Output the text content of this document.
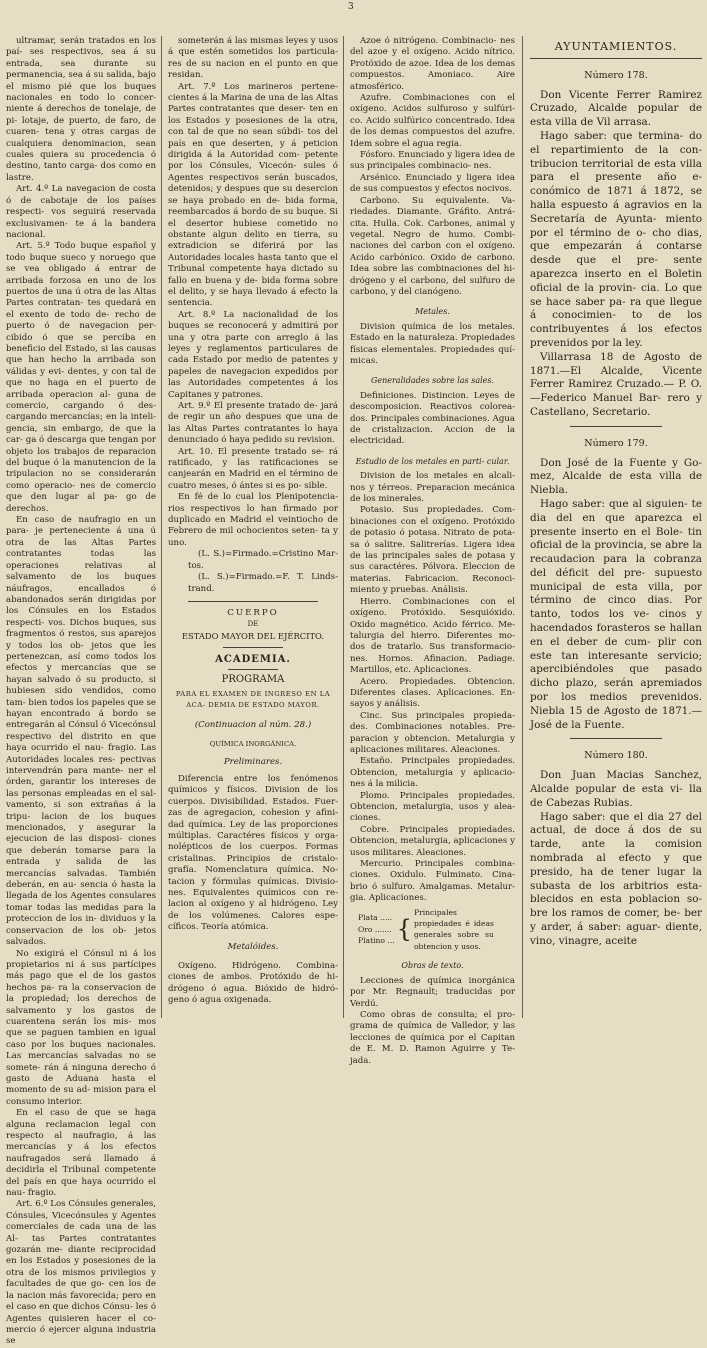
3

ultramar, serán tratados en los paí- ses respectivos, sea á su entrada, sea durante su permanencia, sea á su salida, bajo el mismo pié que los buques nacionales en todo lo concer- niente á derechos de tonelaje, de pi- lotaje, de puerto, de faro, de cuaren- tena y otras cargas de cualquiera denominacion, sean cuales quiera su procedencia ó destino, tanto carga- dos como en lastre.

Art. 4.º La navegacion de costa ó de cabotaje de los países respecti- vos seguirá reservada exclusivamen- te á la bandera nacional.

Art. 5.º Todo buque español y todo buque sueco y noruego que se vea obligado á entrar de arribada forzosa en uno de los puertos de una ú otra de las Altas Partes contratan- tes quedará en el exento de todo de- recho de puerto ó de navegacion per- cibido ó que se perciba en beneficio del Estado, si las causas que han hecho la arribada son válidas y evi- dentes, y con tal de que no haga en el puerto de arribada operacion al- guna de comercio, cargando ó des- cargando mercancías; en la inteli- gencia, sin embargo, de que la car- ga ó descarga que tengan por objeto los trabajos de reparacion del buque ó la manutencion de la tripulacion no se considerarán como operacio- nes de comercio que den lugar al pa- go de derechos.

En caso de naufragio en un para- je perteneciente á una ú otra de las Altas Partes contratantes todas las operaciones relativas al salvamento de los buques náufragos, encallados ó abandonados serán dirigidas por los Cónsules en los Estados respecti- vos. Dichos buques, sus fragmentos ó restos, sus aparejos y todos los ob- jetos que les pertenezcan, así como todos los efectos y mercancías que se hayan salvado ó su producto, si hubiesen sido vendidos, como tam- bien todos los papeles que se hayan encontrado á bordo se entregarán al Cónsul ó Vicecónsul respectivo del distrito en que haya ocurrido el nau- fragio. Las Autoridades locales res- pectivas intervendrán para mante- ner el órden, garantir los intereses de las personas empleadas en el sal- vamento, si son extrañas á la tripu- lacion de los buques mencionados, y asegurar la ejecucion de las disposi- ciones que deberán tomarse para la entrada y salida de las mercancías salvadas. También deberán, en au- sencia ó hasta la llegada de los Agentes consulares tomar todas las medidas para la proteccion de los in- dividuos y la conservacion de los ob- jetos salvados.

No exigirá el Cónsul ni á los propietarios ni á sus partícipes más pago que el de los gastos hechos pa- ra la conservacion de la propiedad; los derechos de salvamento y los gastos de cuarentena serán los mis- mos que se paguen tambien en igual caso por los buques nacionales. Las mercancías salvadas no se somete- rán á ninguna derecho ó gasto de Aduana hasta el momento de su ad- mision para el consumo interior.

En el caso de que se haga alguna reclamacion legal con respecto al naufragio, á las mercancías y á los efectos naufragados será llamado á decidirla el Tribunal competente del país en que haya ocurrido el nau- fragio.

Art. 6.º Los Cónsules generales, Cónsules, Vicecónsules y Agentes comerciales de cada una de las Al- tas Partes contratantes gozarán me- diante reciprocidad en los Estados y posesiones de la otra de los mismos privilegios y facultades de que go- cen los de la nacion más favorecida; pero en el caso en que dichos Cónsu- les ó Agentes quisieren hacer el co- mercio ó ejercer alguna industria se

someterán á las mismas leyes y usos á que estén sometidos los particula- res de su nacion en el punto en que residan.

Art. 7.º Los marineros pertene- cientes á la Marina de una de las Altas Partes contratantes que deser- ten en los Estados y posesiones de la otra, con tal de que no sean súbdi- tos del país en que deserten, y á peticion dirigida á la Autoridad com- petente por los Cónsules, Vicecón- sules ó Agentes respectivos serán buscados, detenidos; y despues que su desercion se haya probado en de- bida forma, reembarcados á bordo de su buque. Si el desertor hubiese cometido no obstante algun delito en tierra, su extradicion se diferirá por las Autoridades locales hasta tanto que el Tribunal competente haya dictado su fallo en buena y de- bida forma sobre el delito, y se haya llevado á efecto la sentencia.

Art. 8.º La nacionalidad de los buques se reconocerá y admitirá por una y otra parte con arreglo á las leyes y reglamentos particulares de cada Estado por medio de patentes y papeles de navegacion expedidos por las Autoridades competentes á los Capitanes y patrones.

Art. 9.º El presente tratado de- jará de regir un año despues que una de las Altas Partes contratantes lo haya denunciado ó haya pedido su revision.

Art. 10. El presente tratado se- rá ratificado, y las ratificaciones se canjearán en Madrid en el término de cuatro meses, ó ántes si es po- sible.

En fé de lo cual los Plenipotencia- rios respectivos lo han firmado por duplicado en Madrid el veintiocho de Febrero de mil ochocientos seten- ta y uno.

(L. S.)=Firmado.=Cristino Mar- tos.

(L. S.)=Firmado.=F. T. Linds- trand.

CUERPO

DE

ESTADO MAYOR DEL EJÉRCITO.

ACADEMIA.

PROGRAMA

PARA EL EXAMEN DE INGRESO EN LA ACA- DEMIA DE ESTADO MAYOR.

(Continuacion al núm. 28.)

QUÍMICA INORGÁNICA.

Preliminares.

Diferencia entre los fenómenos químicos y físicos. Division de los cuerpos. Divisibilidad. Estados. Fuer- zas de agregacion, cohesion y afini- dad química. Ley de las proporciones múltiplas. Caractéres físicos y orga- nolépticos de los cuerpos. Formas cristalinas. Principios de cristalo- grafía. Nomenclatura química. No- tacion y fórmulas químicas. Divisio- nes. Equivalentes químicos con re- lacion al oxígeno y al hidrógeno. Ley de los volúmenes. Calores espe- cíficos. Teoría atómica.

Metalóides.

Oxígeno. Hidrógeno. Combina- ciones de ambos. Protóxido de hi- drógeno ó agua. Bióxido de hidró- geno ó agua oxigenada.

Azoe ó nitrógeno. Combinacio- nes del azoe y el oxígeno. Acido nítrico. Protóxido de azoe. Idea de los demas compuestos. Amoniaco. Aire atmosférico.

Azufre. Combinaciones con el oxígeno. Acidos sulfuroso y sulfúri- co. Acido sulfúrico concentrado. Idea de los demas compuestos del azufre. Idem sobre el agua regia.

Fósforo. Enunciado y ligera idea de sus principales combinacio- nes.

Arsénico. Enunciado y ligera idea de sus compuestos y efectos nocivos.

Carbono. Su equivalente. Va- riedades. Diamante. Gráfito. Antrá- cita. Hulla. Cok. Carbones, animal y vegetal. Negro de humo. Combi- naciones del carbon con el oxígeno. Acido carbónico. Oxido de carbono. Idea sobre las combinaciones del hi- drógeno y el carbono, del sulfuro de carbono, y del cianógeno.

Metales.

Division química de los metales. Estado en la naturaleza. Propiedades físicas elementales. Propiedades quí- micas.

Generalidades sobre las sales.

Definiciones. Distincion. Leyes de descomposicion. Reactivos colorea- dos. Principales combinaciones. Agua de cristalizacion. Accion de la electricidad.

Estudio de los metales en parti- cular.

Division de los metales en alcali- nos y térreos. Preparacion mecánica de los minerales.

Potasio. Sus propiedades. Com- binaciones con el oxígeno. Protóxido de potasio ó potasa. Nitrato de pota- sa ó salitre. Salitrerías. Ligera idea de las principales sales de potasa y sus caractéres. Pólvora. Eleccion de materias. Fabricacion. Reconoci- miento y pruebas. Análisis.

Hierro. Combinaciones con el oxígeno. Protóxido. Sesquióxido. Oxido magnético. Acido férrico. Me- talurgia del hierro. Diferentes mo- dos de tratarlo. Sus transformacio- nes. Hornos. Afinacion. Padiage. Martillos, etc. Aplicaciones.

Acero. Propiedades. Obtencion. Diferentes clases. Aplicaciones. En- sayos y análisis.

Cinc. Sus principales propieda- des. Combinaciones notables. Pre- paracion y obtencion. Metalurgia y aplicaciones militares. Aleaciones.

Estaño. Principales propiedades. Obtencion, metalurgia y aplicacio- nes á la milicia.

Plomo. Principales propiedades. Obtencion, metalurgia, usos y alea- ciones.

Cobre. Principales propiedades. Obtencion, metalurgia, aplicaciones y usos militares. Aleaciones.

Mercurio. Principales combina- ciones. Oxidulo. Fulminato. Cina- brio ó sulfuro. Amalgamas. Metalur- gia. Aplicaciones.

Plata .....
Oro .......
Platino ... {
Principales propiedades é ideas generales sobre su obtencion y usos.
Obras de texto.

Lecciones de química inorgánica por Mr. Regnault; traducidas por Verdú.

Como obras de consulta; el pro- grama de química de Valledor, y las lecciones de química por el Capitan de E. M. D. Ramon Aguirre y Te- jada.

AYUNTAMIENTOS.
Número 178.

Don Vicente Ferrer Ramirez Cruzado, Alcalde popular de esta villa de Vil arrasa.

Hago saber: que termina- do el repartimiento de la con- tribucion territorial de esta villa para el presente año e- conómico de 1871 á 1872, se halla espuesto á agravios en la Secretaría de Ayunta- miento por el término de o- cho dias, que empezarán á contarse desde que el pre- sente aparezca inserto en el Boletin oficial de la provin- cia. Lo que se hace saber pa- ra que llegue á conocimien- to de los contribuyentes á los efectos prevenidos por la ley.

Villarrasa 18 de Agosto de 1871.—El Alcalde, Vicente Ferrer Ramirez Cruzado.— P. O.—Federico Manuel Bar- rero y Castellano, Secretario.

Número 179.

Don José de la Fuente y Go- mez, Alcalde de esta villa de Niebla.

Hago saber: que al siguien- te dia del en que aparezca el presente inserto en el Bole- tin oficial de la provincia, se abre la recaudacion para la cobranza del déficit del pre- supuesto municipal de esta villa, por término de cinco dias. Por tanto, todos los ve- cinos y hacendados forasteros se hallan en el deber de cum- plir con este tan interesante servicio; apercibiéndoles que pasado dicho plazo, serán apremiados por los medios prevenidos. Niebla 15 de Agosto de 1871.—José de la Fuente.

Número 180.

Don Juan Macias Sanchez, Alcalde popular de esta vi- lla de Cabezas Rubias.

Hago saber: que el dia 27 del actual, de doce á dos de su tarde, ante la comision nombrada al efecto y que presido, ha de tener lugar la subasta de los arbitrios esta- blecidos en esta poblacion so- bre los ramos de comer, be- ber y arder, á saber: aguar- diente, vino, vinagre, aceite
